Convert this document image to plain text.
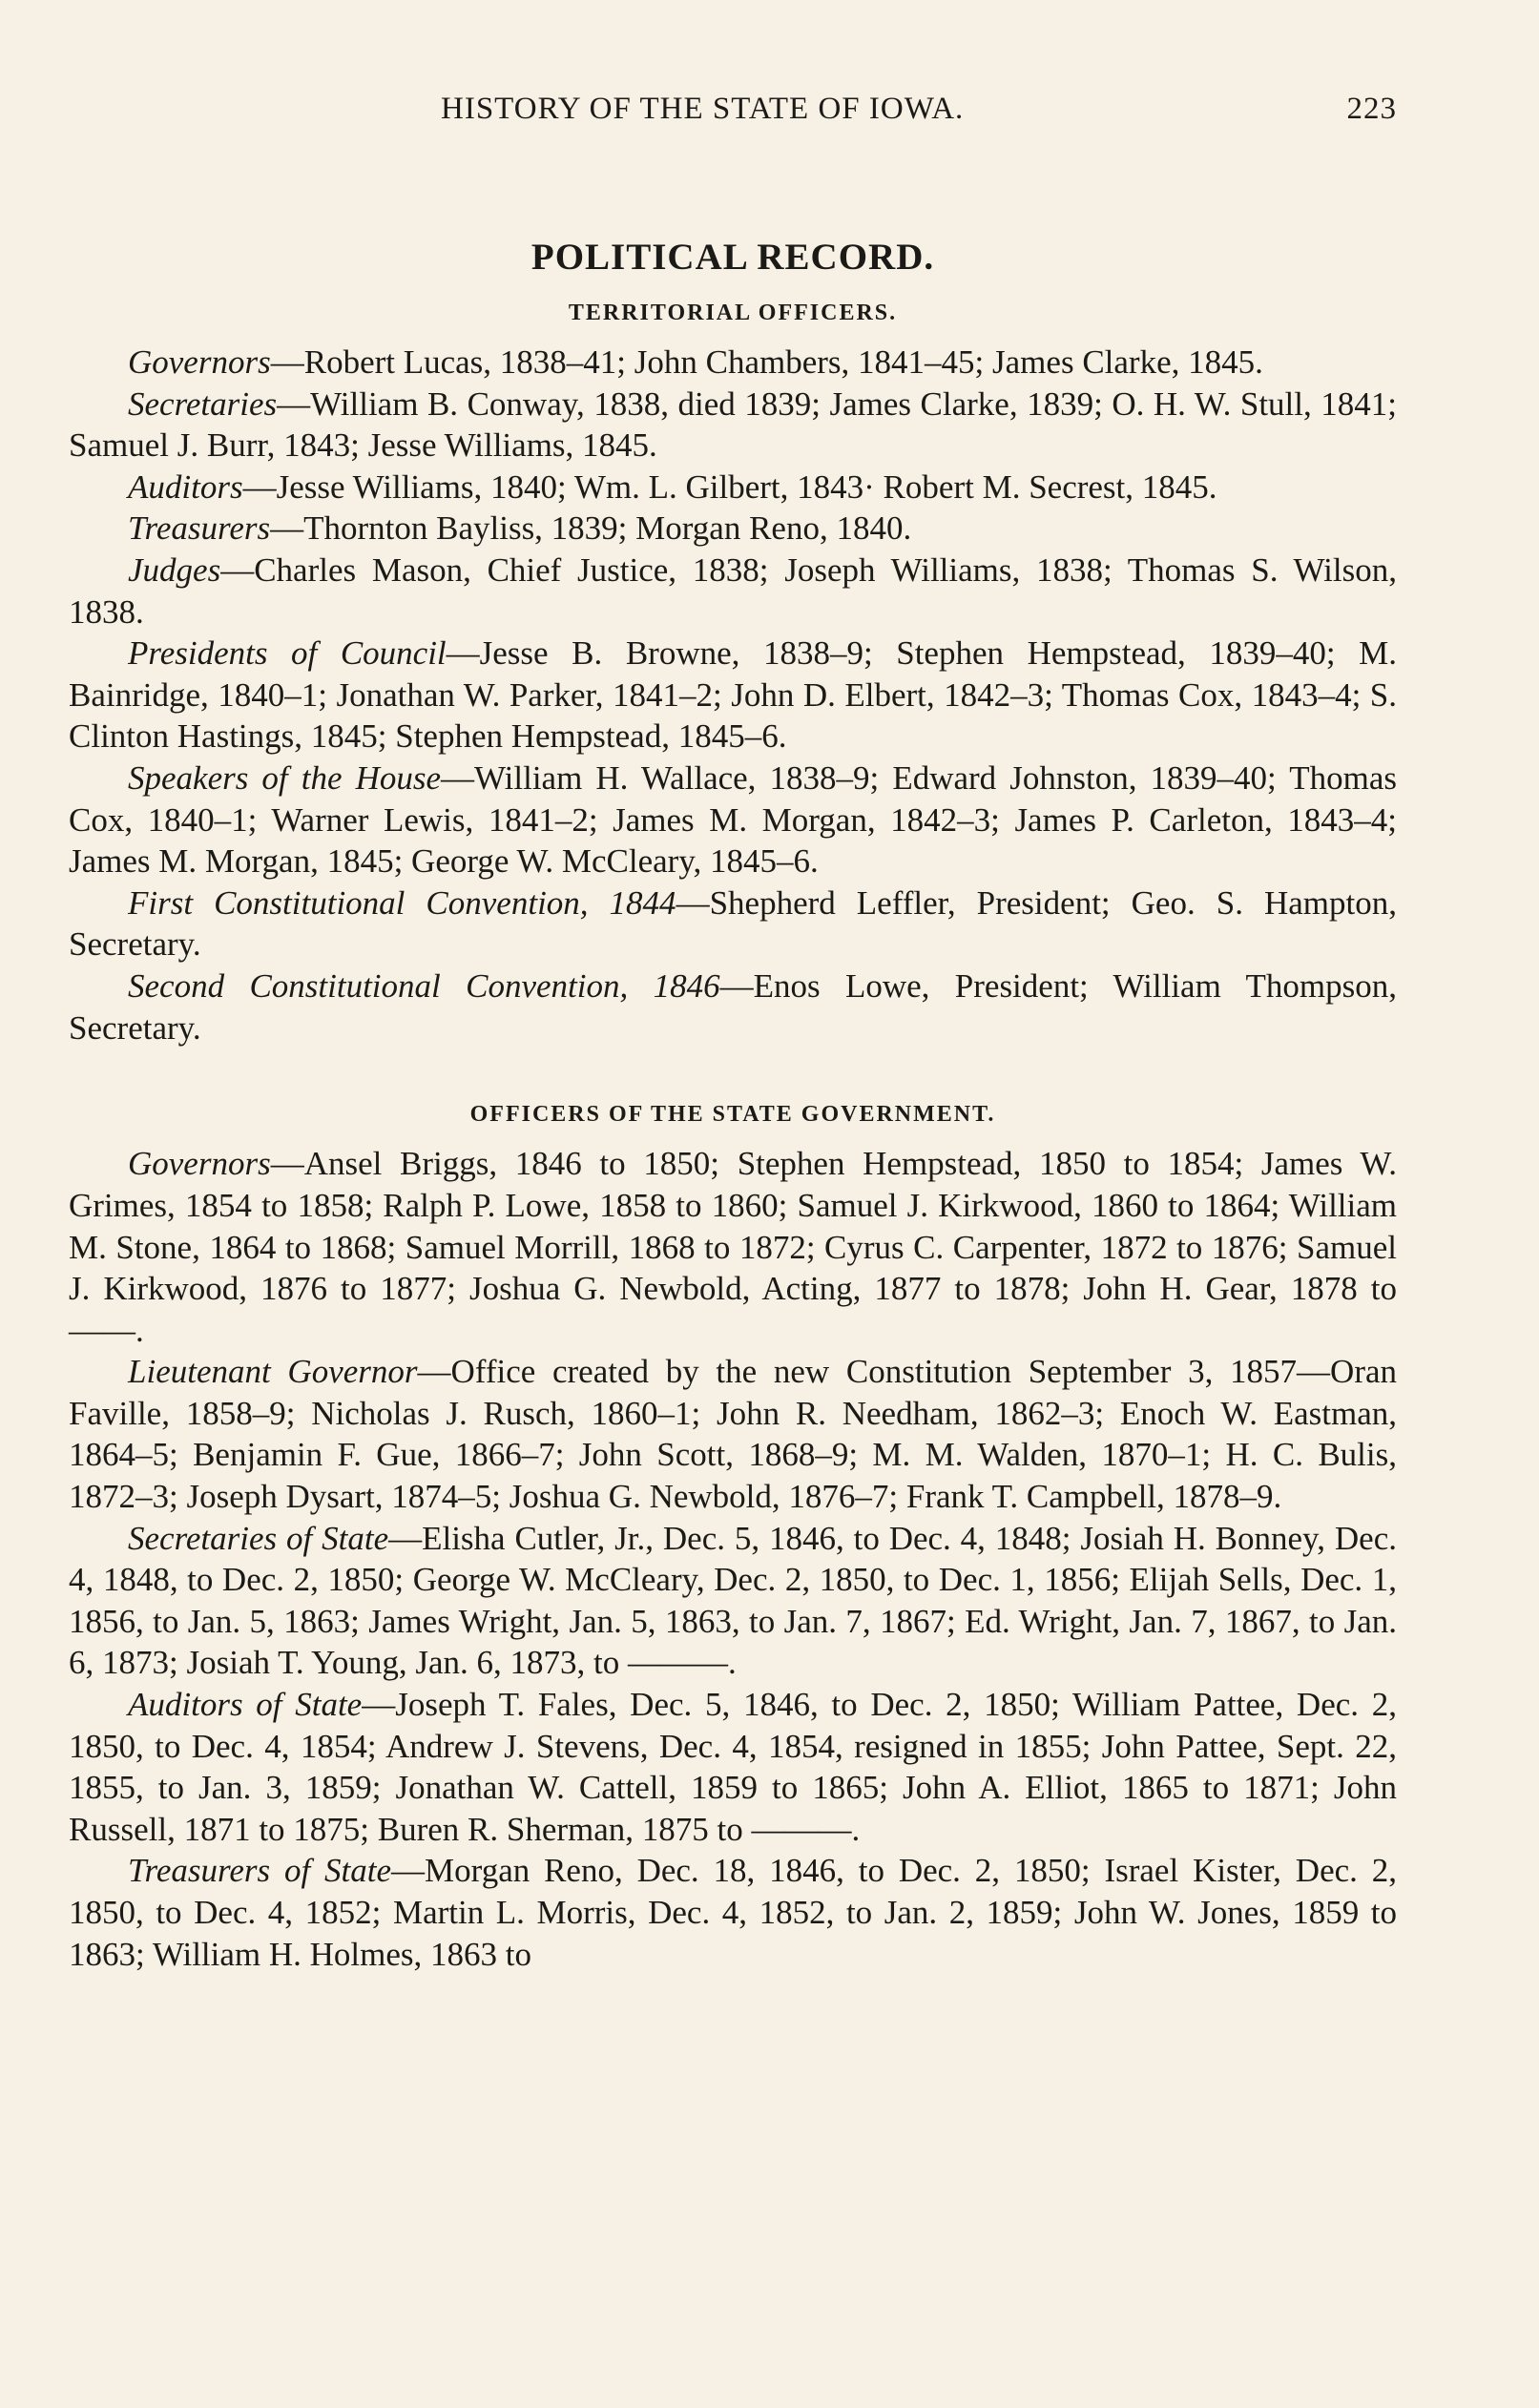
HISTORY OF THE STATE OF IOWA.	223
POLITICAL RECORD.
TERRITORIAL OFFICERS.

Governors—Robert Lucas, 1838–41; John Chambers, 1841–45; James Clarke, 1845.

Secretaries—William B. Conway, 1838, died 1839; James Clarke, 1839; O. H. W. Stull, 1841; Samuel J. Burr, 1843; Jesse Williams, 1845.

Auditors—Jesse Williams, 1840; Wm. L. Gilbert, 1843· Robert M. Secrest, 1845.

Treasurers—Thornton Bayliss, 1839; Morgan Reno, 1840.

Judges—Charles Mason, Chief Justice, 1838; Joseph Williams, 1838; Thomas S. Wilson, 1838.

Presidents of Council—Jesse B. Browne, 1838–9; Stephen Hempstead, 1839–40; M. Bainridge, 1840–1; Jonathan W. Parker, 1841–2; John D. Elbert, 1842–3; Thomas Cox, 1843–4; S. Clinton Hastings, 1845; Stephen Hempstead, 1845–6.

Speakers of the House—William H. Wallace, 1838–9; Edward Johnston, 1839–40; Thomas Cox, 1840–1; Warner Lewis, 1841–2; James M. Morgan, 1842–3; James P. Carleton, 1843–4; James M. Morgan, 1845; George W. McCleary, 1845–6.

First Constitutional Convention, 1844—Shepherd Leffler, President; Geo. S. Hampton, Secretary.

Second Constitutional Convention, 1846—Enos Lowe, President; William Thompson, Secretary.

OFFICERS OF THE STATE GOVERNMENT.

Governors—Ansel Briggs, 1846 to 1850; Stephen Hempstead, 1850 to 1854; James W. Grimes, 1854 to 1858; Ralph P. Lowe, 1858 to 1860; Samuel J. Kirkwood, 1860 to 1864; William M. Stone, 1864 to 1868; Samuel Morrill, 1868 to 1872; Cyrus C. Carpenter, 1872 to 1876; Samuel J. Kirkwood, 1876 to 1877; Joshua G. Newbold, Acting, 1877 to 1878; John H. Gear, 1878 to ——.

Lieutenant Governor—Office created by the new Constitution September 3, 1857—Oran Faville, 1858–9; Nicholas J. Rusch, 1860–1; John R. Needham, 1862–3; Enoch W. Eastman, 1864–5; Benjamin F. Gue, 1866–7; John Scott, 1868–9; M. M. Walden, 1870–1; H. C. Bulis, 1872–3; Joseph Dysart, 1874–5; Joshua G. Newbold, 1876–7; Frank T. Campbell, 1878–9.

Secretaries of State—Elisha Cutler, Jr., Dec. 5, 1846, to Dec. 4, 1848; Josiah H. Bonney, Dec. 4, 1848, to Dec. 2, 1850; George W. McCleary, Dec. 2, 1850, to Dec. 1, 1856; Elijah Sells, Dec. 1, 1856, to Jan. 5, 1863; James Wright, Jan. 5, 1863, to Jan. 7, 1867; Ed. Wright, Jan. 7, 1867, to Jan. 6, 1873; Josiah T. Young, Jan. 6, 1873, to ———.

Auditors of State—Joseph T. Fales, Dec. 5, 1846, to Dec. 2, 1850; William Pattee, Dec. 2, 1850, to Dec. 4, 1854; Andrew J. Stevens, Dec. 4, 1854, resigned in 1855; John Pattee, Sept. 22, 1855, to Jan. 3, 1859; Jonathan W. Cattell, 1859 to 1865; John A. Elliot, 1865 to 1871; John Russell, 1871 to 1875; Buren R. Sherman, 1875 to ———.

Treasurers of State—Morgan Reno, Dec. 18, 1846, to Dec. 2, 1850; Israel Kister, Dec. 2, 1850, to Dec. 4, 1852; Martin L. Morris, Dec. 4, 1852, to Jan. 2, 1859; John W. Jones, 1859 to 1863; William H. Holmes, 1863 to
